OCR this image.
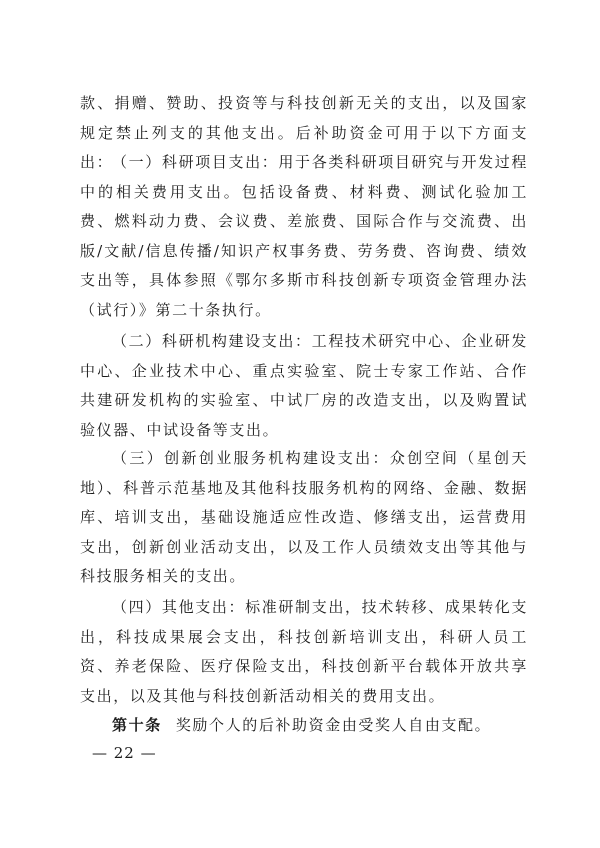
款、捐赠、赞助、投资等与科技创新无关的支出，以及国家规定禁止列支的其他支出。后补助资金可用于以下方面支出：

（一）科研项目支出：用于各类科研项目研究与开发过程中的相关费用支出。包括设备费、材料费、测试化验加工费、燃料动力费、会议费、差旅费、国际合作与交流费、出版/文献/信息传播/知识产权事务费、劳务费、咨询费、绩效支出等，具体参照《鄂尔多斯市科技创新专项资金管理办法（试行）》第二十条执行。

（二）科研机构建设支出：工程技术研究中心、企业研发中心、企业技术中心、重点实验室、院士专家工作站、合作共建研发机构的实验室、中试厂房的改造支出，以及购置试验仪器、中试设备等支出。

（三）创新创业服务机构建设支出：众创空间（星创天地）、科普示范基地及其他科技服务机构的网络、金融、数据库、培训支出，基础设施适应性改造、修缮支出，运营费用支出，创新创业活动支出，以及工作人员绩效支出等其他与科技服务相关的支出。

（四）其他支出：标准研制支出，技术转移、成果转化支出，科技成果展会支出，科技创新培训支出，科研人员工资、养老保险、医疗保险支出，科技创新平台载体开放共享支出，以及其他与科技创新活动相关的费用支出。

第十条 奖励个人的后补助资金由受奖人自由支配。

— 22 —
